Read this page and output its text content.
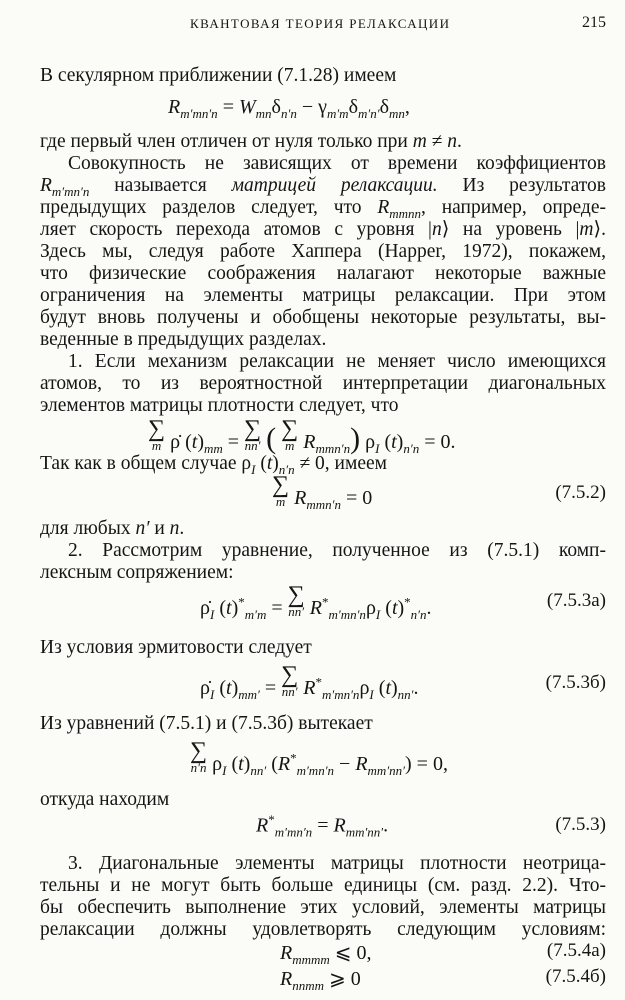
КВАНТОВАЯ ТЕОРИЯ РЕЛАКСАЦИИ	215
В секулярном приближении (7.1.28) имеем
$R_{m'mn'n} = W_{mn}\delta_{n'n} - \gamma_{m'm}\delta_{m'n'}\delta_{mn}$,
где первый член отличен от нуля только при m ≠ n.
Совокупность не зависящих от времени коэффициентов
$R_{m'mn'n}$ называется матрицей релаксации. Из результатов
предыдущих разделов следует, что $R_{mmnn}$, например, опреде-
ляет скорость перехода атомов с уровня |n⟩ на уровень |m⟩.
Здесь мы, следуя работе Хаппера (Happer, 1972), покажем,
что физические соображения налагают некоторые важные
ограничения на элементы матрицы релаксации. При этом
будут вновь получены и обобщены некоторые результаты, вы-
веденные в предыдущих разделах.
1. Если механизм релаксации не меняет число имеющихся
атомов, то из вероятностной интерпретации диагональных
элементов матрицы плотности следует, что
∑
m ρ̇ $(t)_{mm}$ = ∑
nn′ ( ∑
m $R_{mmn'n}$) $\rho_I$ $(t)_{n'n} = 0$.
Так как в общем случае $\rho_I$ $(t)_{n'n} \ne 0$, имеем
∑
m $R_{mmn'n} = 0$	(7.5.2)
для любых n′ и n.
2. Рассмотрим уравнение, полученное из (7.5.1) комп-
лексным сопряжением:
$\rhȯ_I$ $(t)^*_{m'm}$ = ∑
nn′ $R^*_{m'mn'n}\rho_I$ $(t)^*_{n'n}$.	(7.5.3a)
Из условия эрмитовости следует
$\rhȯ_I$ $(t)_{mm'}$ = ∑
nn′ $R^*_{m'mn'n}\rho_I$ $(t)_{nn'}$.	(7.5.3б)
Из уравнений (7.5.1) и (7.5.3б) вытекает
∑
n′n $\rho_I$ $(t)_{nn'}$ $(R^*_{m'mn'n} - R_{mm'nn'}) = 0$,
откуда находим
$R^*_{m'mn'n} = R_{mm'nn'}$.	(7.5.3)
3. Диагональные элементы матрицы плотности неотрица-
тельны и не могут быть больше единицы (см. разд. 2.2). Что-
бы обеспечить выполнение этих условий, элементы матрицы
релаксации должны удовлетворять следующим условиям:
$R_{mmmm}$ ⩽ 0,	(7.5.4a)
$R_{nnmm}$ ⩾ 0	(7.5.4б)
